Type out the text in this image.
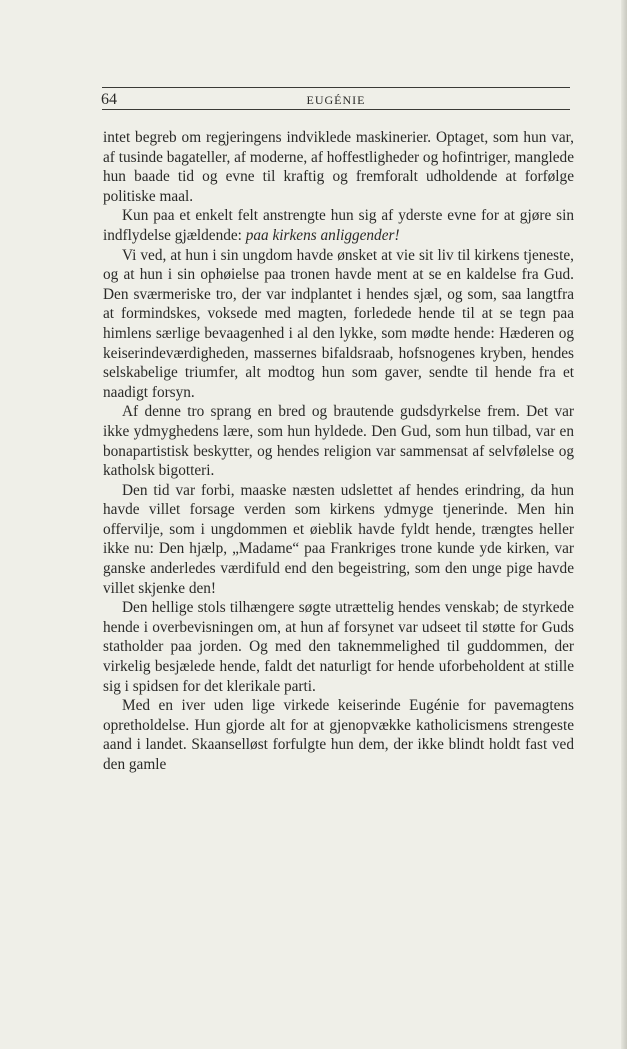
64	EUGÉNIE

intet begreb om regjeringens indviklede maskinerier. Optaget, som hun var, af tusinde bagateller, af moderne, af hoffestligheder og hofintriger, manglede hun baade tid og evne til kraftig og fremforalt udholdende at forfølge politiske maal.

Kun paa et enkelt felt anstrengte hun sig af yderste evne for at gjøre sin indflydelse gjældende: paa kirkens anliggender!

Vi ved, at hun i sin ungdom havde ønsket at vie sit liv til kirkens tjeneste, og at hun i sin ophøielse paa tronen havde ment at se en kaldelse fra Gud. Den sværmeriske tro, der var indplantet i hendes sjæl, og som, saa langtfra at formindskes, voksede med magten, forledede hende til at se tegn paa himlens særlige bevaagenhed i al den lykke, som mødte hende: Hæderen og keiserindeværdigheden, massernes bifaldsraab, hofsnogenes kryben, hendes selskabelige triumfer, alt modtog hun som gaver, sendte til hende fra et naadigt forsyn.

Af denne tro sprang en bred og brautende gudsdyrkelse frem. Det var ikke ydmyghedens lære, som hun hyldede. Den Gud, som hun tilbad, var en bonapartistisk beskytter, og hendes religion var sammensat af selvfølelse og katholsk bigotteri.

Den tid var forbi, maaske næsten udslettet af hendes erindring, da hun havde villet forsage verden som kirkens ydmyge tjenerinde. Men hin offervilje, som i ungdommen et øieblik havde fyldt hende, trængtes heller ikke nu: Den hjælp, „Madame“ paa Frankriges trone kunde yde kirken, var ganske anderledes værdifuld end den begeistring, som den unge pige havde villet skjenke den!

Den hellige stols tilhængere søgte utrættelig hendes venskab; de styrkede hende i overbevisningen om, at hun af forsynet var udseet til støtte for Guds statholder paa jorden. Og med den taknemmelighed til guddommen, der virkelig besjælede hende, faldt det naturligt for hende uforbeholdent at stille sig i spidsen for det klerikale parti.

Med en iver uden lige virkede keiserinde Eugénie for pavemagtens opretholdelse. Hun gjorde alt for at gjenopvække katholicismens strengeste aand i landet. Skaanselløst forfulgte hun dem, der ikke blindt holdt fast ved den gamle
